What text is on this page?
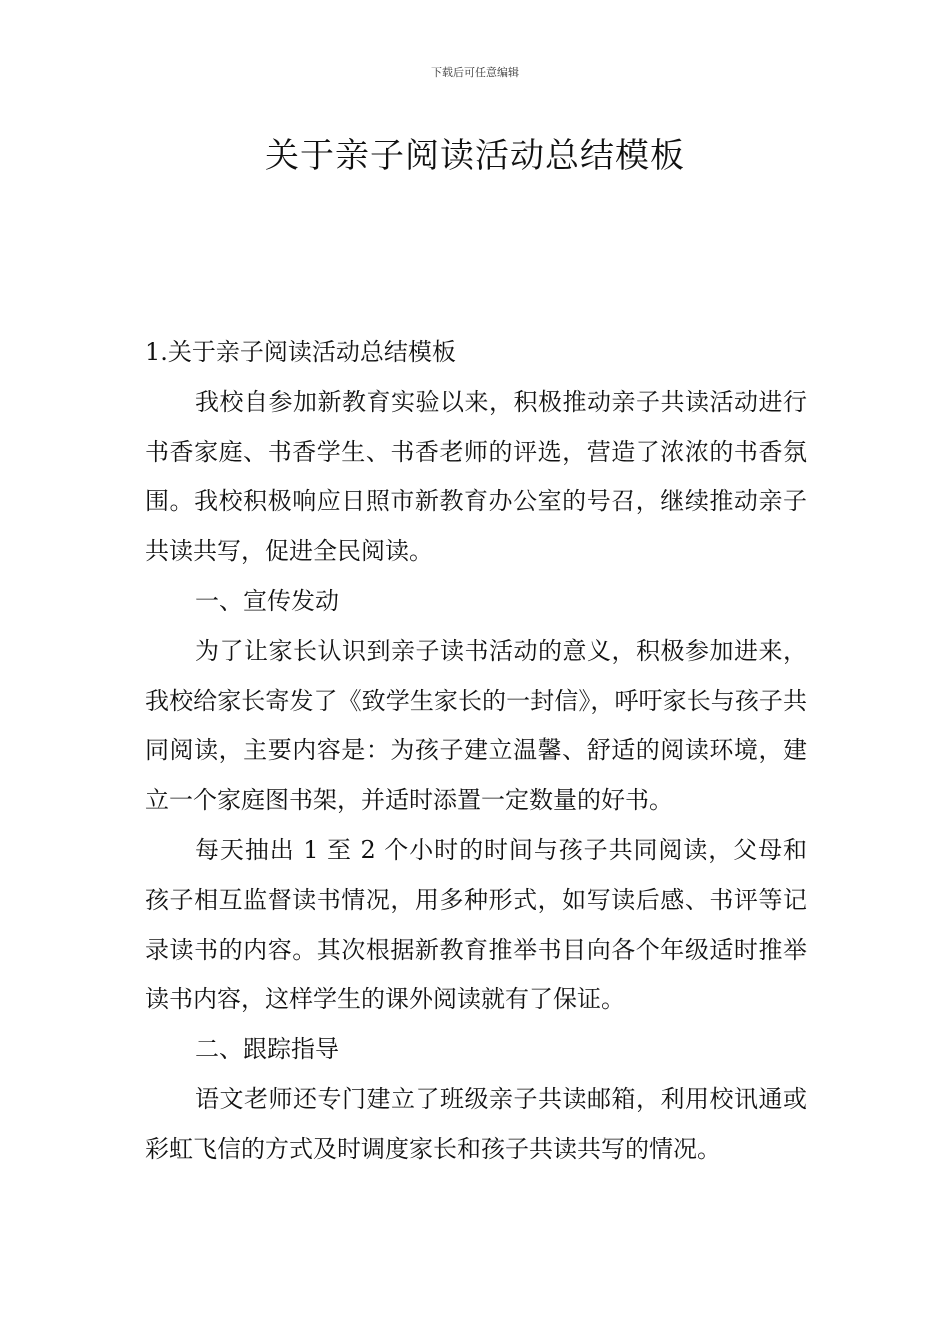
下载后可任意编辑
关于亲子阅读活动总结模板

1.关于亲子阅读活动总结模板

我校自参加新教育实验以来，积极推动亲子共读活动进行书香家庭、书香学生、书香老师的评选，营造了浓浓的书香氛围。我校积极响应日照市新教育办公室的号召，继续推动亲子共读共写，促进全民阅读。

一、宣传发动

为了让家长认识到亲子读书活动的意义，积极参加进来，我校给家长寄发了《致学生家长的一封信》，呼吁家长与孩子共同阅读，主要内容是：为孩子建立温馨、舒适的阅读环境，建立一个家庭图书架，并适时添置一定数量的好书。

每天抽出 1 至 2 个小时的时间与孩子共同阅读，父母和孩子相互监督读书情况，用多种形式，如写读后感、书评等记录读书的内容。其次根据新教育推举书目向各个年级适时推举读书内容，这样学生的课外阅读就有了保证。

二、跟踪指导

语文老师还专门建立了班级亲子共读邮箱，利用校讯通或彩虹飞信的方式及时调度家长和孩子共读共写的情况。
